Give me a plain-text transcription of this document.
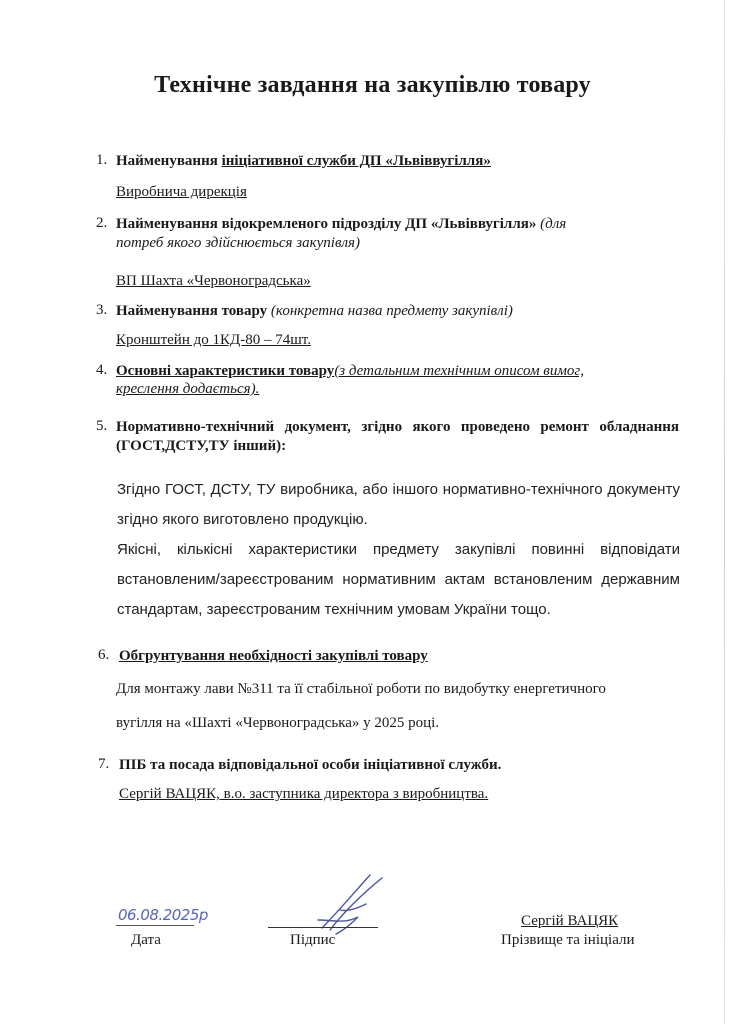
Технічне завдання на закупівлю товару
1. Найменування ініціативної служби ДП «Львіввугілля»
Виробнича дирекція
2. Найменування відокремленого підрозділу ДП «Львіввугілля» (для
потреб якого здійснюється закупівля)
ВП Шахта «Червоноградська»
3. Найменування товару (конкретна назва предмету закупівлі)
Кронштейн до 1КД-80 – 74шт.
4. Основні характеристики товару(з детальним технічним описом вимог,
креслення додається).
5. Нормативно-технічний документ, згідно якого проведено ремонт обладнання (ГОСТ,ДСТУ,ТУ інший):

Згідно ГОСТ, ДСТУ, ТУ виробника, або іншого нормативно-технічного документу згідно якого виготовлено продукцію.

Якісні, кількісні характеристики предмету закупівлі повинні відповідати встановленим/зареєстрованим нормативним актам встановленим державним стандартам, зареєстрованим технічним умовам України тощо.

6. Обгрунтування необхідності закупівлі товару
Для монтажу лави №311 та її стабільної роботи по видобутку енергетичного
вугілля на «Шахті «Червоноградська» у 2025 році.
7. ПІБ та посада відповідальної особи ініціативної служби.
Сергій ВАЦЯК, в.о. заступника директора з виробництва.
06.08.2025р
Дата	Підпис
Сергій ВАЦЯК
Прізвище та ініціали
